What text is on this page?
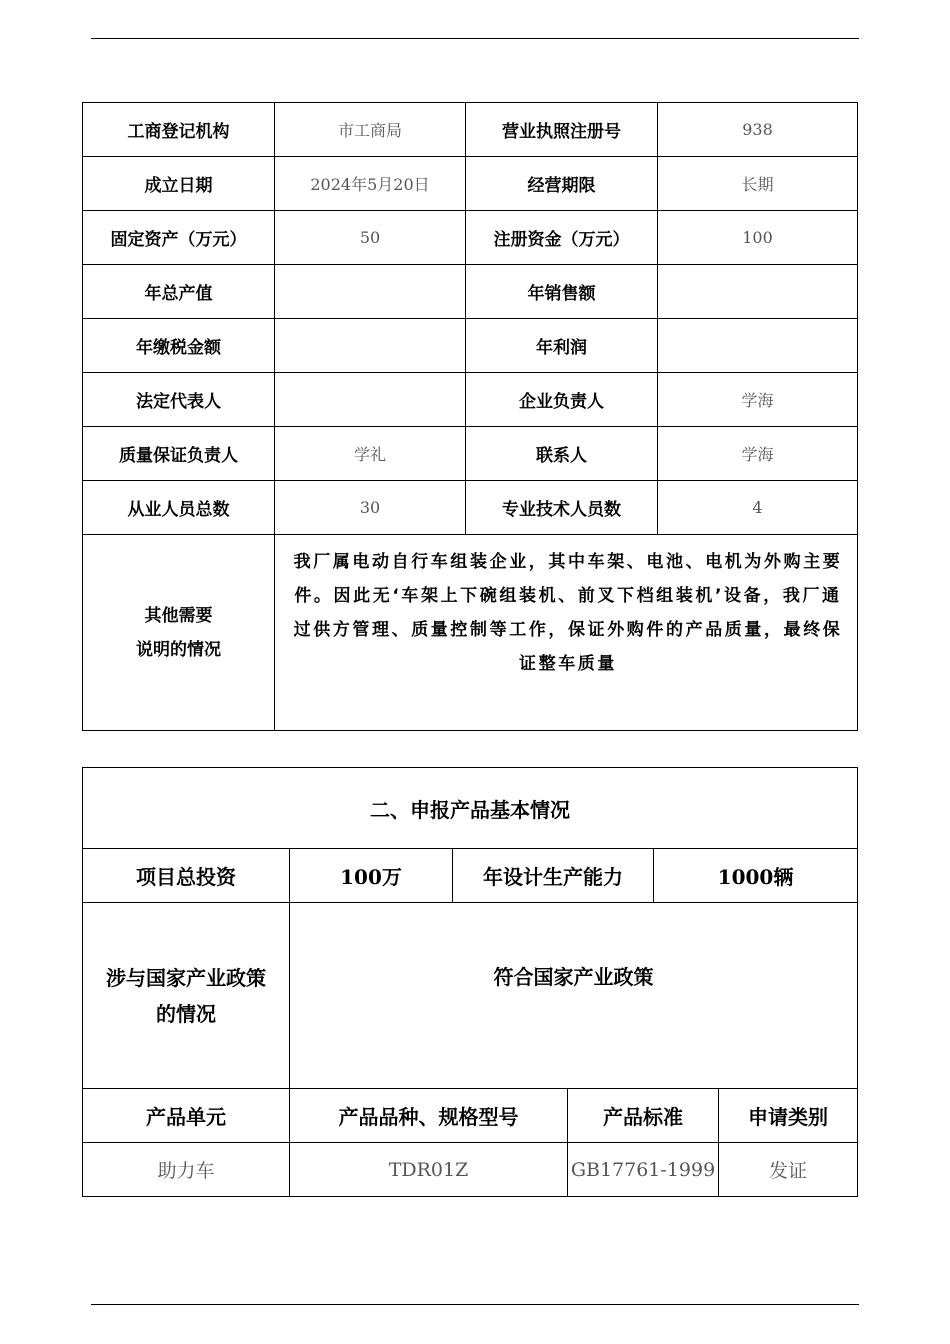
工商登记机构	市工商局	营业执照注册号	938
成立日期	2024年5月20日	经营期限	长期
固定资产（万元）	50	注册资金（万元）	100
年总产值		年销售额	
年缴税金额		年利润	
法定代表人		企业负责人	学海
质量保证负责人	学礼	联系人	学海
从业人员总数	30	专业技术人员数	4

其他需要
说明的情况	我厂属电动自行车组装企业，其中车架、电池、电机为外购主要件。因此无‘车架上下碗组装机、前叉下档组装机’设备，我厂通过供方管理、质量控制等工作，保证外购件的产品质量，最终保证整车质量		
二、申报产品基本情况					
项目总投资	100万	年设计生产能力		1000辆	

涉与国家产业政策
的情况	符合国家产业政策				
产品单元	产品品种、规格型号		产品标准		申请类别
助力车	TDR01Z		GB17761-1999		发证
